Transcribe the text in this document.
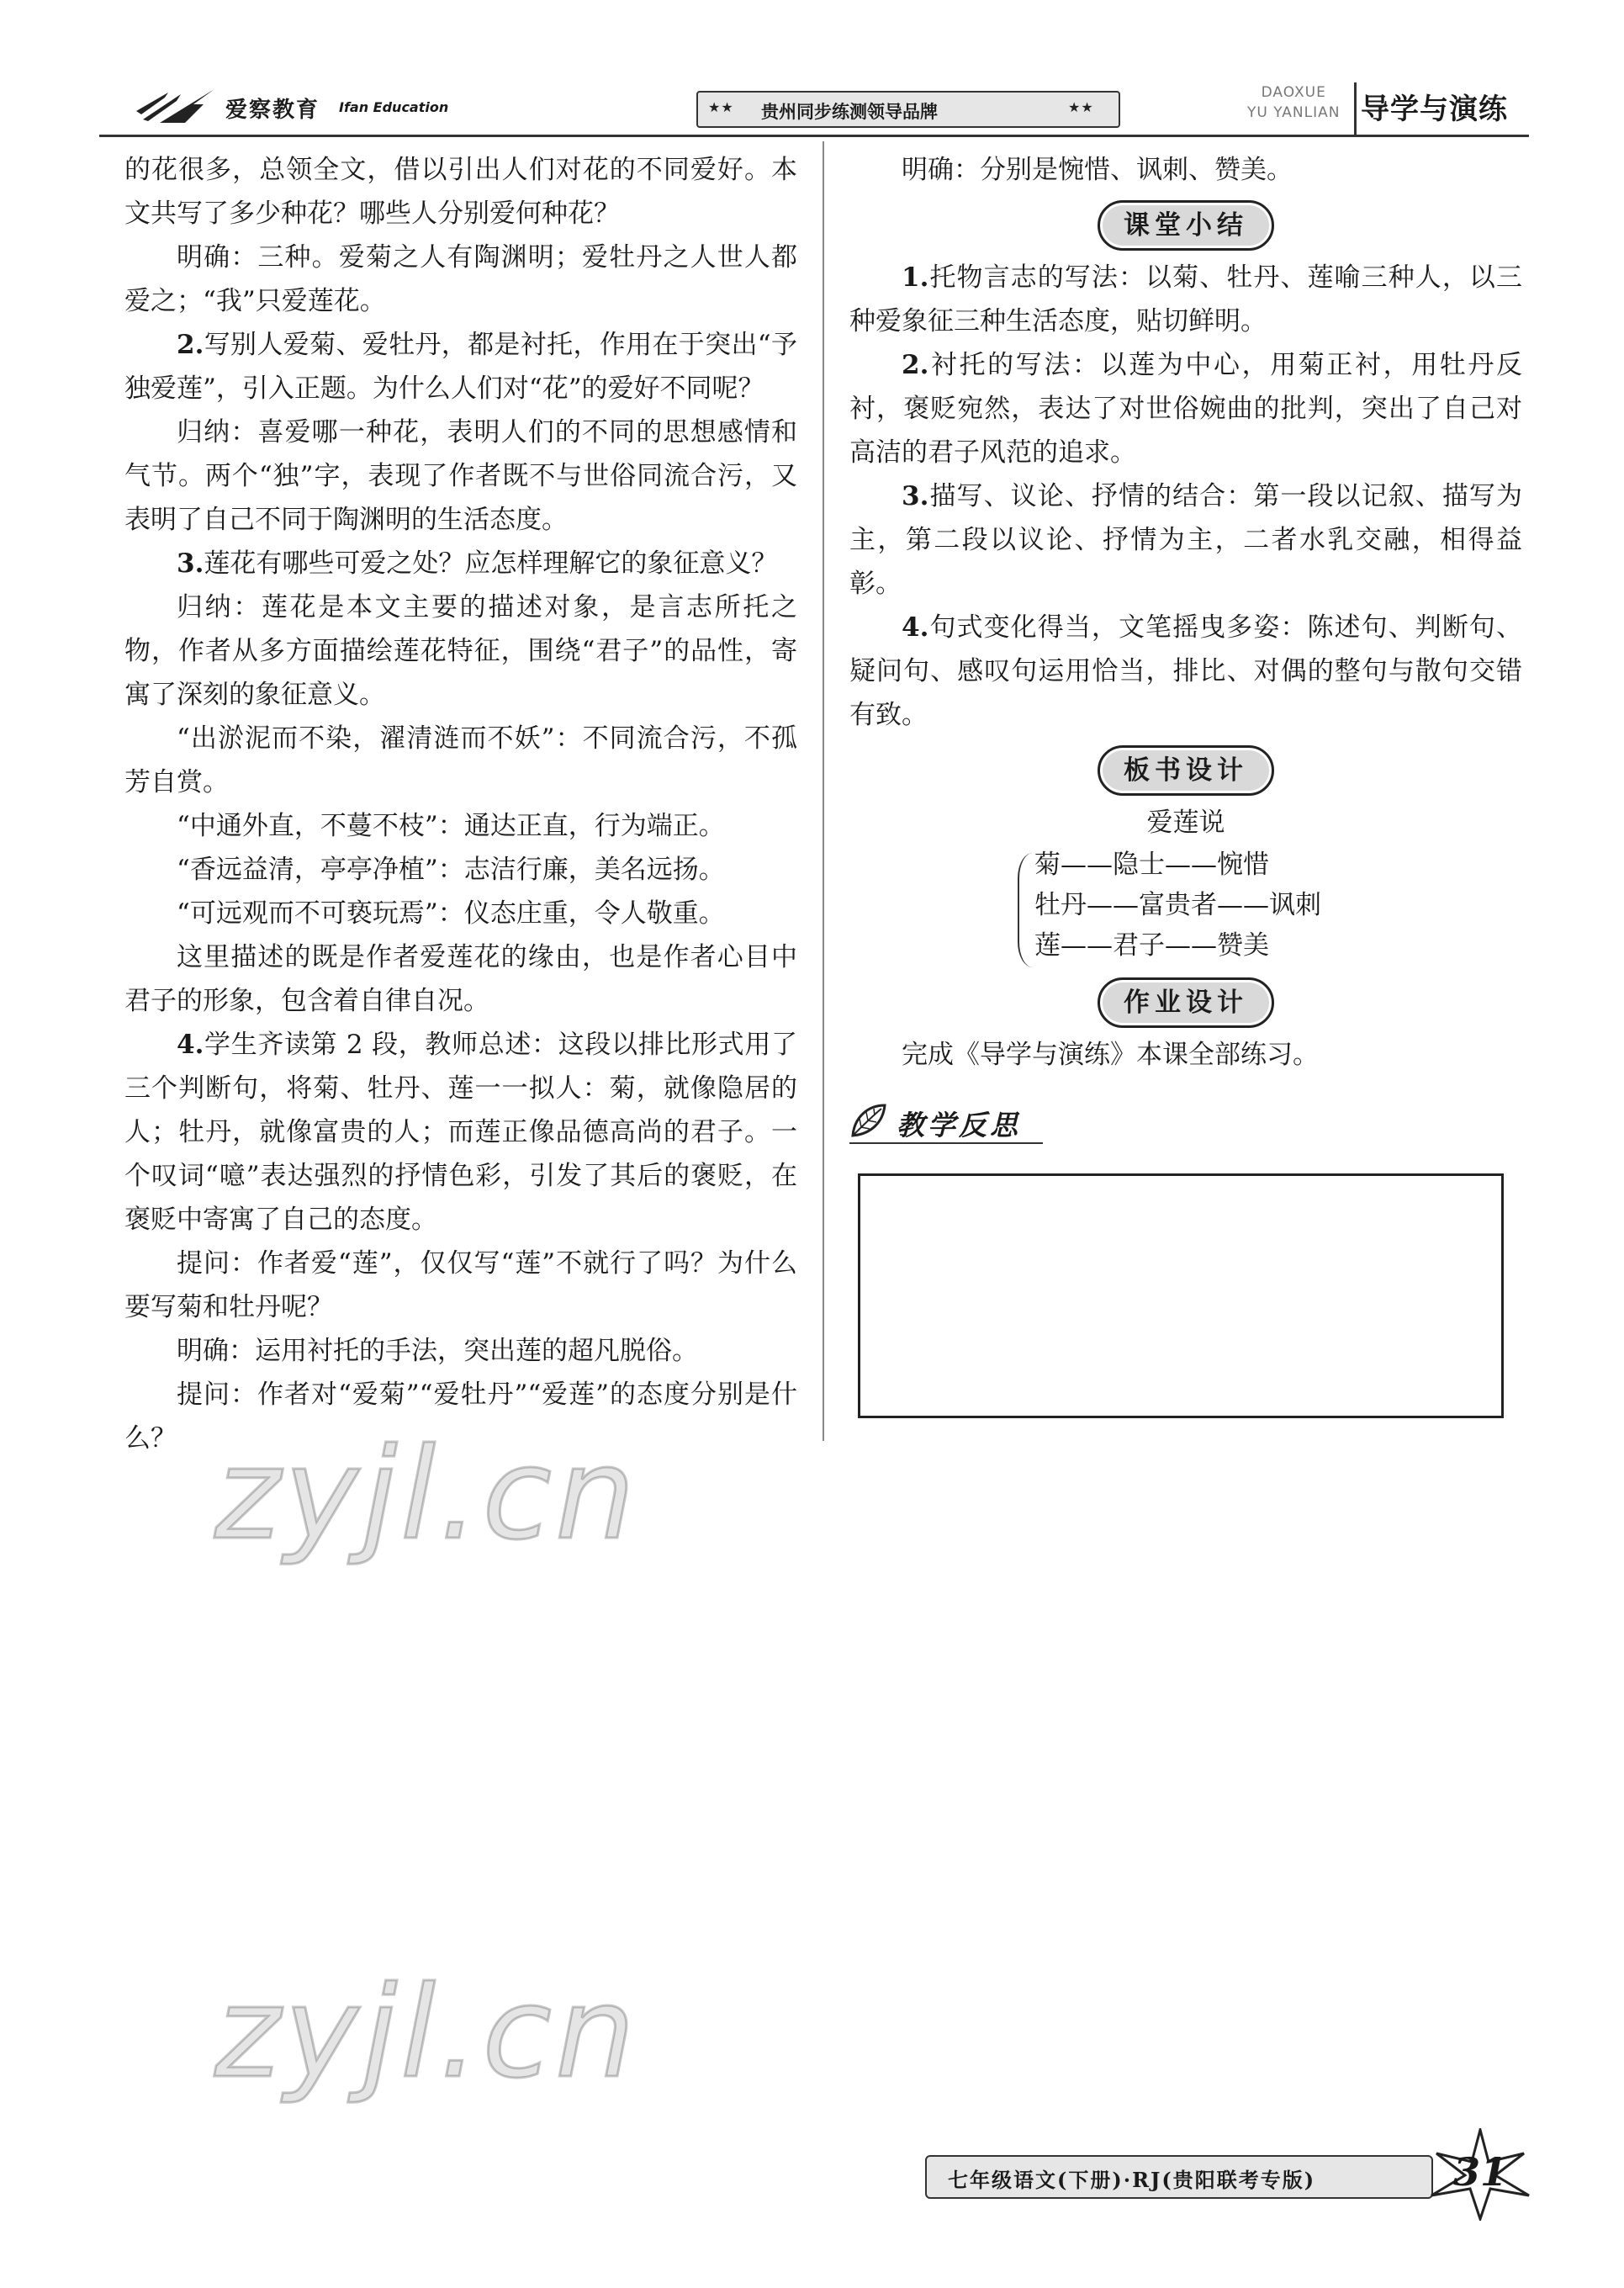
爱察教育 Ifan Education	★★ 贵州同步练测领导品牌	★★
DAOXUE
YU YANLIAN 导学与演练

的花很多，总领全文，借以引出人们对花的不同爱好。本文共写了多少种花？哪些人分别爱何种花？

明确：三种。爱菊之人有陶渊明；爱牡丹之人世人都爱之；“我”只爱莲花。

2.写别人爱菊、爱牡丹，都是衬托，作用在于突出“予独爱莲”，引入正题。为什么人们对“花”的爱好不同呢？

归纳：喜爱哪一种花，表明人们的不同的思想感情和气节。两个“独”字，表现了作者既不与世俗同流合污，又表明了自己不同于陶渊明的生活态度。

3.莲花有哪些可爱之处？应怎样理解它的象征意义？

归纳：莲花是本文主要的描述对象，是言志所托之物，作者从多方面描绘莲花特征，围绕“君子”的品性，寄寓了深刻的象征意义。

“出淤泥而不染，濯清涟而不妖”：不同流合污，不孤芳自赏。

“中通外直，不蔓不枝”：通达正直，行为端正。

“香远益清，亭亭净植”：志洁行廉，美名远扬。

“可远观而不可亵玩焉”：仪态庄重，令人敬重。

这里描述的既是作者爱莲花的缘由，也是作者心目中君子的形象，包含着自律自况。

4.学生齐读第 2 段，教师总述：这段以排比形式用了三个判断句，将菊、牡丹、莲一一拟人：菊，就像隐居的人；牡丹，就像富贵的人；而莲正像品德高尚的君子。一个叹词“噫”表达强烈的抒情色彩，引发了其后的褒贬，在褒贬中寄寓了自己的态度。

提问：作者爱“莲”，仅仅写“莲”不就行了吗？为什么要写菊和牡丹呢？

明确：运用衬托的手法，突出莲的超凡脱俗。

提问：作者对“爱菊”“爱牡丹”“爱莲”的态度分别是什么？

明确：分别是惋惜、讽刺、赞美。

课堂小结

1.托物言志的写法：以菊、牡丹、莲喻三种人，以三种爱象征三种生活态度，贴切鲜明。

2.衬托的写法：以莲为中心，用菊正衬，用牡丹反衬，褒贬宛然，表达了对世俗婉曲的批判，突出了自己对高洁的君子风范的追求。

3.描写、议论、抒情的结合：第一段以记叙、描写为主，第二段以议论、抒情为主，二者水乳交融，相得益彰。

4.句式变化得当，文笔摇曳多姿：陈述句、判断句、疑问句、感叹句运用恰当，排比、对偶的整句与散句交错有致。

板书设计
爱莲说
菊——隐士——惋惜
牡丹——富贵者——讽刺
莲——君子——赞美
作业设计

完成《导学与演练》本课全部练习。

教学反思
zyjl.cn
zyjl.cn
七年级语文(下册)·RJ(贵阳联考专版)	31
